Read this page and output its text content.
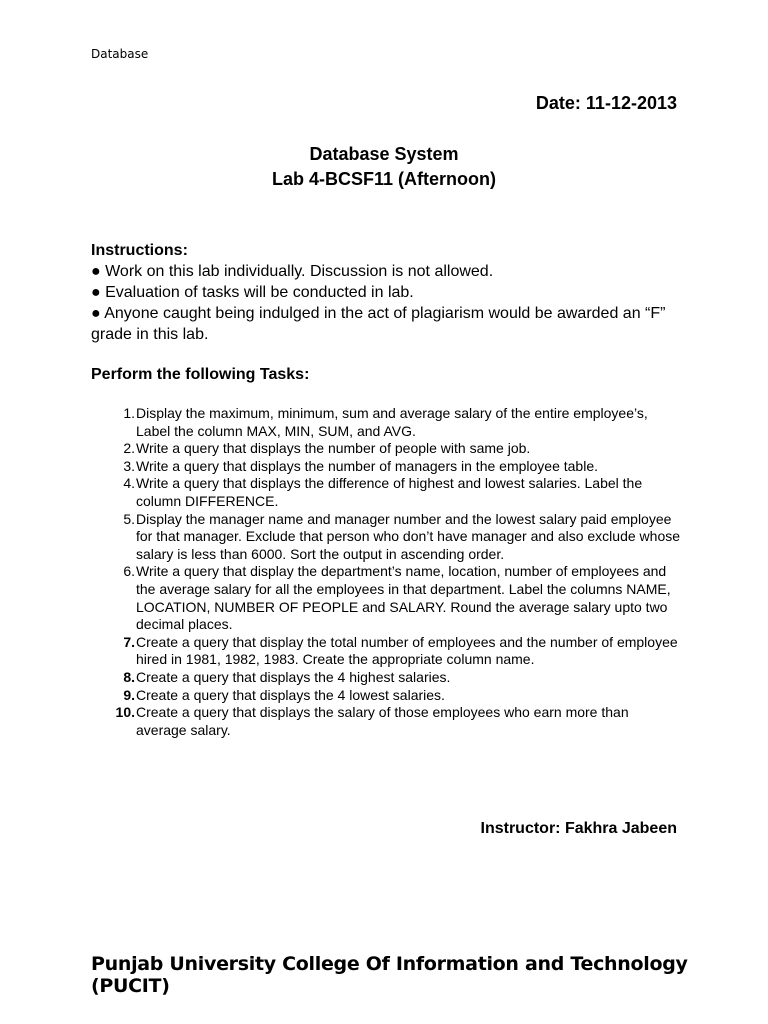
Database
Date: 11-12-2013
Database System
Lab 4-BCSF11 (Afternoon)
Instructions:
● Work on this lab individually. Discussion is not allowed.
● Evaluation of tasks will be conducted in lab.
● Anyone caught being indulged in the act of plagiarism would be awarded an “F” grade in this lab.
Perform the following Tasks:
1. Display the maximum, minimum, sum and average salary of the entire employee’s, Label the column MAX, MIN, SUM, and AVG.
2. Write a query that displays the number of people with same job.
3. Write a query that displays the number of managers in the employee table.
4. Write a query that displays the difference of highest and lowest salaries. Label the column DIFFERENCE.
5. Display the manager name and manager number and the lowest salary paid employee for that manager. Exclude that person who don’t have manager and also exclude whose salary is less than 6000. Sort the output in ascending order.
6. Write a query that display the department’s name, location, number of employees and the average salary for all the employees in that department. Label the columns NAME, LOCATION, NUMBER OF PEOPLE and SALARY. Round the average salary upto two decimal places.
7. Create a query that display the total number of employees and the number of employee hired in 1981, 1982, 1983. Create the appropriate column name.
8. Create a query that displays the 4 highest salaries.
9. Create a query that displays the 4 lowest salaries.
10. Create a query that displays the salary of those employees who earn more than average salary.
Instructor: Fakhra Jabeen
Punjab University College Of Information and Technology (PUCIT)
